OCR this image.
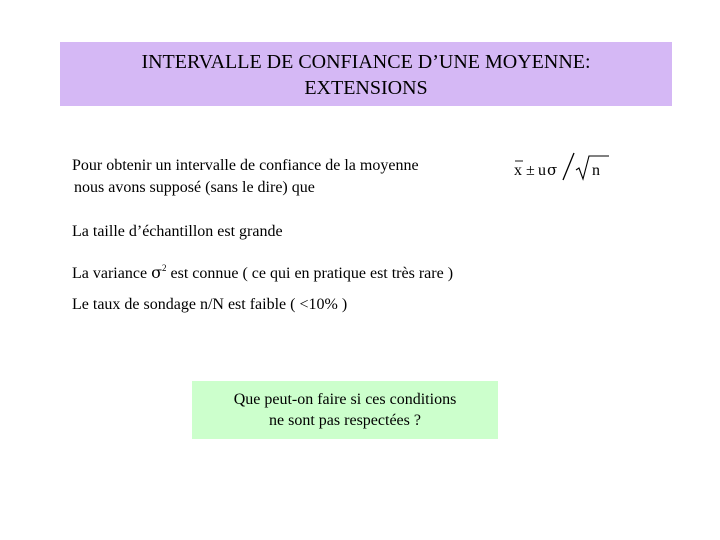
INTERVALLE DE CONFIANCE D’UNE MOYENNE:
EXTENSIONS
Pour obtenir un intervalle de confiance de la moyenne
nous avons supposé (sans le dire) que
x ± u σ n
La taille d’échantillon est grande
La variance $\sigma^2$ est connue ( ce qui en pratique est très rare )
Le taux de sondage n/N est faible ( <10% )
Que peut-on faire si ces conditions
ne sont pas respectées ?
